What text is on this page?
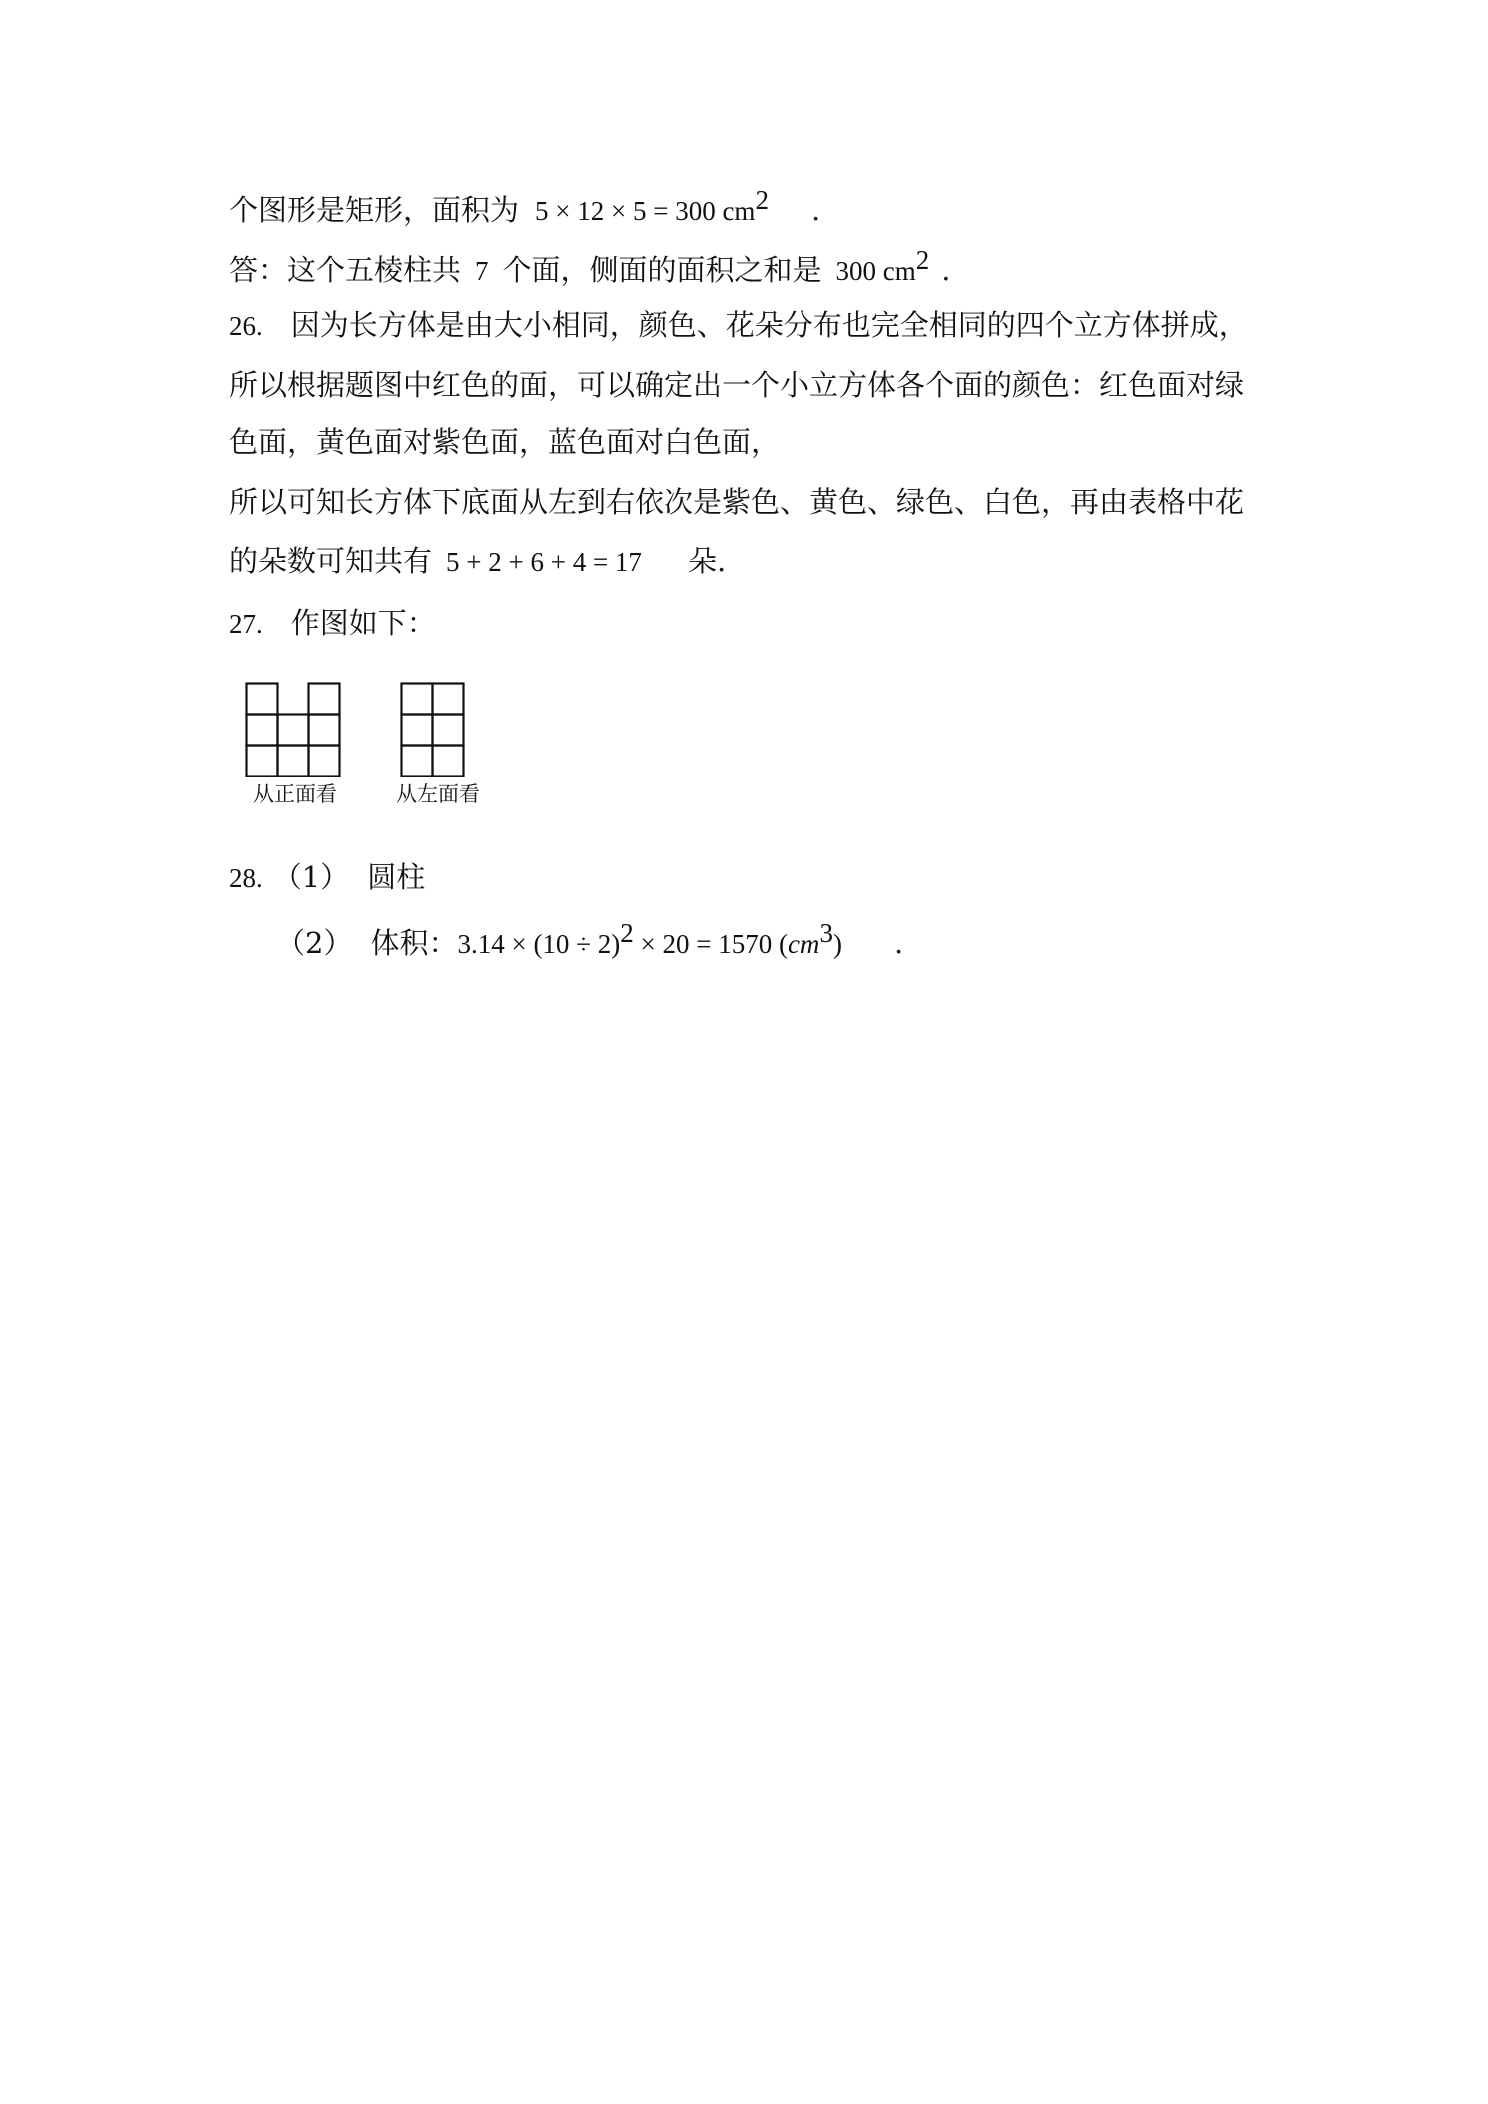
个图形是矩形，面积为 5 × 12 × 5 = 300 $cm^2$ .
答：这个五棱柱共 7 个面，侧面的面积之和是 300 $cm^2$ .
26. 因为长方体是由大小相同，颜色、花朵分布也完全相同的四个立方体拼成，
所以根据题图中红色的面，可以确定出一个小立方体各个面的颜色：红色面对绿
色面，黄色面对紫色面，蓝色面对白色面，
所以可知长方体下底面从左到右依次是紫色、黄色、绿色、白色，再由表格中花
的朵数可知共有 5 + 2 + 6 + 4 = 17 朵.
27. 作图如下：
从正面看	从左面看
28. （1） 圆柱
（2） 体积：$3.14 \times (10 \div 2)^2 \times 20 = 1570$ $(cm^3)$ .
